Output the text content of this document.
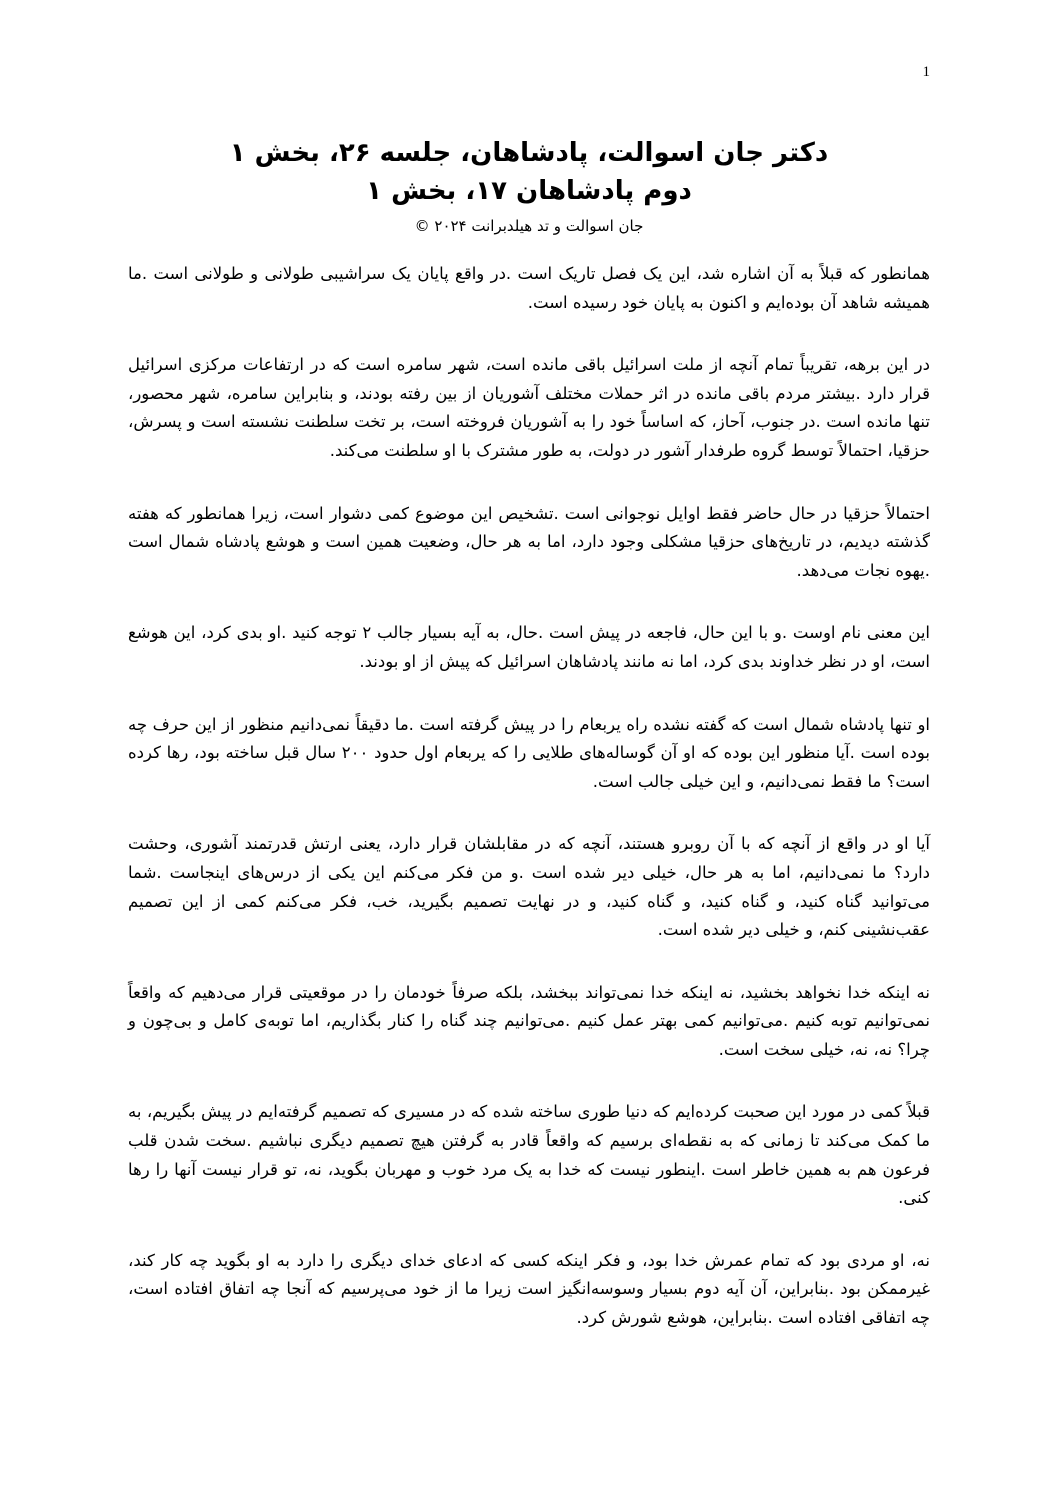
1
دکتر جان اسوالت، پادشاهان، جلسه ۲۶، بخش ۱
دوم پادشاهان ۱۷، بخش ۱
جان اسوالت و تد هیلدبرانت ۲۰۲۴ ©

همانطور که قبلاً به آن اشاره شد، این یک فصل تاریک است .در واقع پایان یک سراشیبی طولانی و طولانی است .ما همیشه شاهد آن بوده‌ایم و اکنون به پایان خود رسیده است.

در این برهه، تقریباً تمام آنچه از ملت اسرائیل باقی مانده است، شهر سامره است که در ارتفاعات مرکزی اسرائیل قرار دارد .بیشتر مردم باقی مانده در اثر حملات مختلف آشوریان از بین رفته بودند، و بنابراین سامره، شهر محصور، تنها مانده است .در جنوب، آحاز، که اساساً خود را به آشوریان فروخته است، بر تخت سلطنت نشسته است و پسرش، حزقیا، احتمالاً توسط گروه طرفدار آشور در دولت، به طور مشترک با او سلطنت می‌کند.

احتمالاً حزقیا در حال حاضر فقط اوایل نوجوانی است .تشخیص این موضوع کمی دشوار است، زیرا همانطور که هفته گذشته دیدیم، در تاریخ‌های حزقیا مشکلی وجود دارد، اما به هر حال، وضعیت همین است و هوشع پادشاه شمال است .یهوه نجات می‌دهد.

این معنی نام اوست .و با این حال، فاجعه در پیش است .حال، به آیه بسیار جالب ۲ توجه کنید .او بدی کرد، این هوشع است، او در نظر خداوند بدی کرد، اما نه مانند پادشاهان اسرائیل که پیش از او بودند.

او تنها پادشاه شمال است که گفته نشده راه یربعام را در پیش گرفته است .ما دقیقاً نمی‌دانیم منظور از این حرف چه بوده است .آیا منظور این بوده که او آن گوساله‌های طلایی را که یربعام اول حدود ۲۰۰ سال قبل ساخته بود، رها کرده است؟ ما فقط نمی‌دانیم، و این خیلی جالب است.

آیا او در واقع از آنچه که با آن روبرو هستند، آنچه که در مقابلشان قرار دارد، یعنی ارتش قدرتمند آشوری، وحشت دارد؟ ما نمی‌دانیم، اما به هر حال، خیلی دیر شده است .و من فکر می‌کنم این یکی از درس‌های اینجاست .شما می‌توانید گناه کنید، و گناه کنید، و گناه کنید، و در نهایت تصمیم بگیرید، خب، فکر می‌کنم کمی از این تصمیم عقب‌نشینی کنم، و خیلی دیر شده است.

نه اینکه خدا نخواهد بخشید، نه اینکه خدا نمی‌تواند ببخشد، بلکه صرفاً خودمان را در موقعیتی قرار می‌دهیم که واقعاً نمی‌توانیم توبه کنیم .می‌توانیم کمی بهتر عمل کنیم .می‌توانیم چند گناه را کنار بگذاریم، اما توبه‌ی کامل و بی‌چون و چرا؟ نه، نه، خیلی سخت است.

قبلاً کمی در مورد این صحبت کرده‌ایم که دنیا طوری ساخته شده که در مسیری که تصمیم گرفته‌ایم در پیش بگیریم، به ما کمک می‌کند تا زمانی که به نقطه‌ای برسیم که واقعاً قادر به گرفتن هیچ تصمیم دیگری نباشیم .سخت شدن قلب فرعون هم به همین خاطر است .اینطور نیست که خدا به یک مرد خوب و مهربان بگوید، نه، تو قرار نیست آنها را رها کنی.

نه، او مردی بود که تمام عمرش خدا بود، و فکر اینکه کسی که ادعای خدای دیگری را دارد به او بگوید چه کار کند، غیرممکن بود .بنابراین، آن آیه دوم بسیار وسوسه‌انگیز است زیرا ما از خود می‌پرسیم که آنجا چه اتفاق افتاده است، چه اتفاقی افتاده است .بنابراین، هوشع شورش کرد.
